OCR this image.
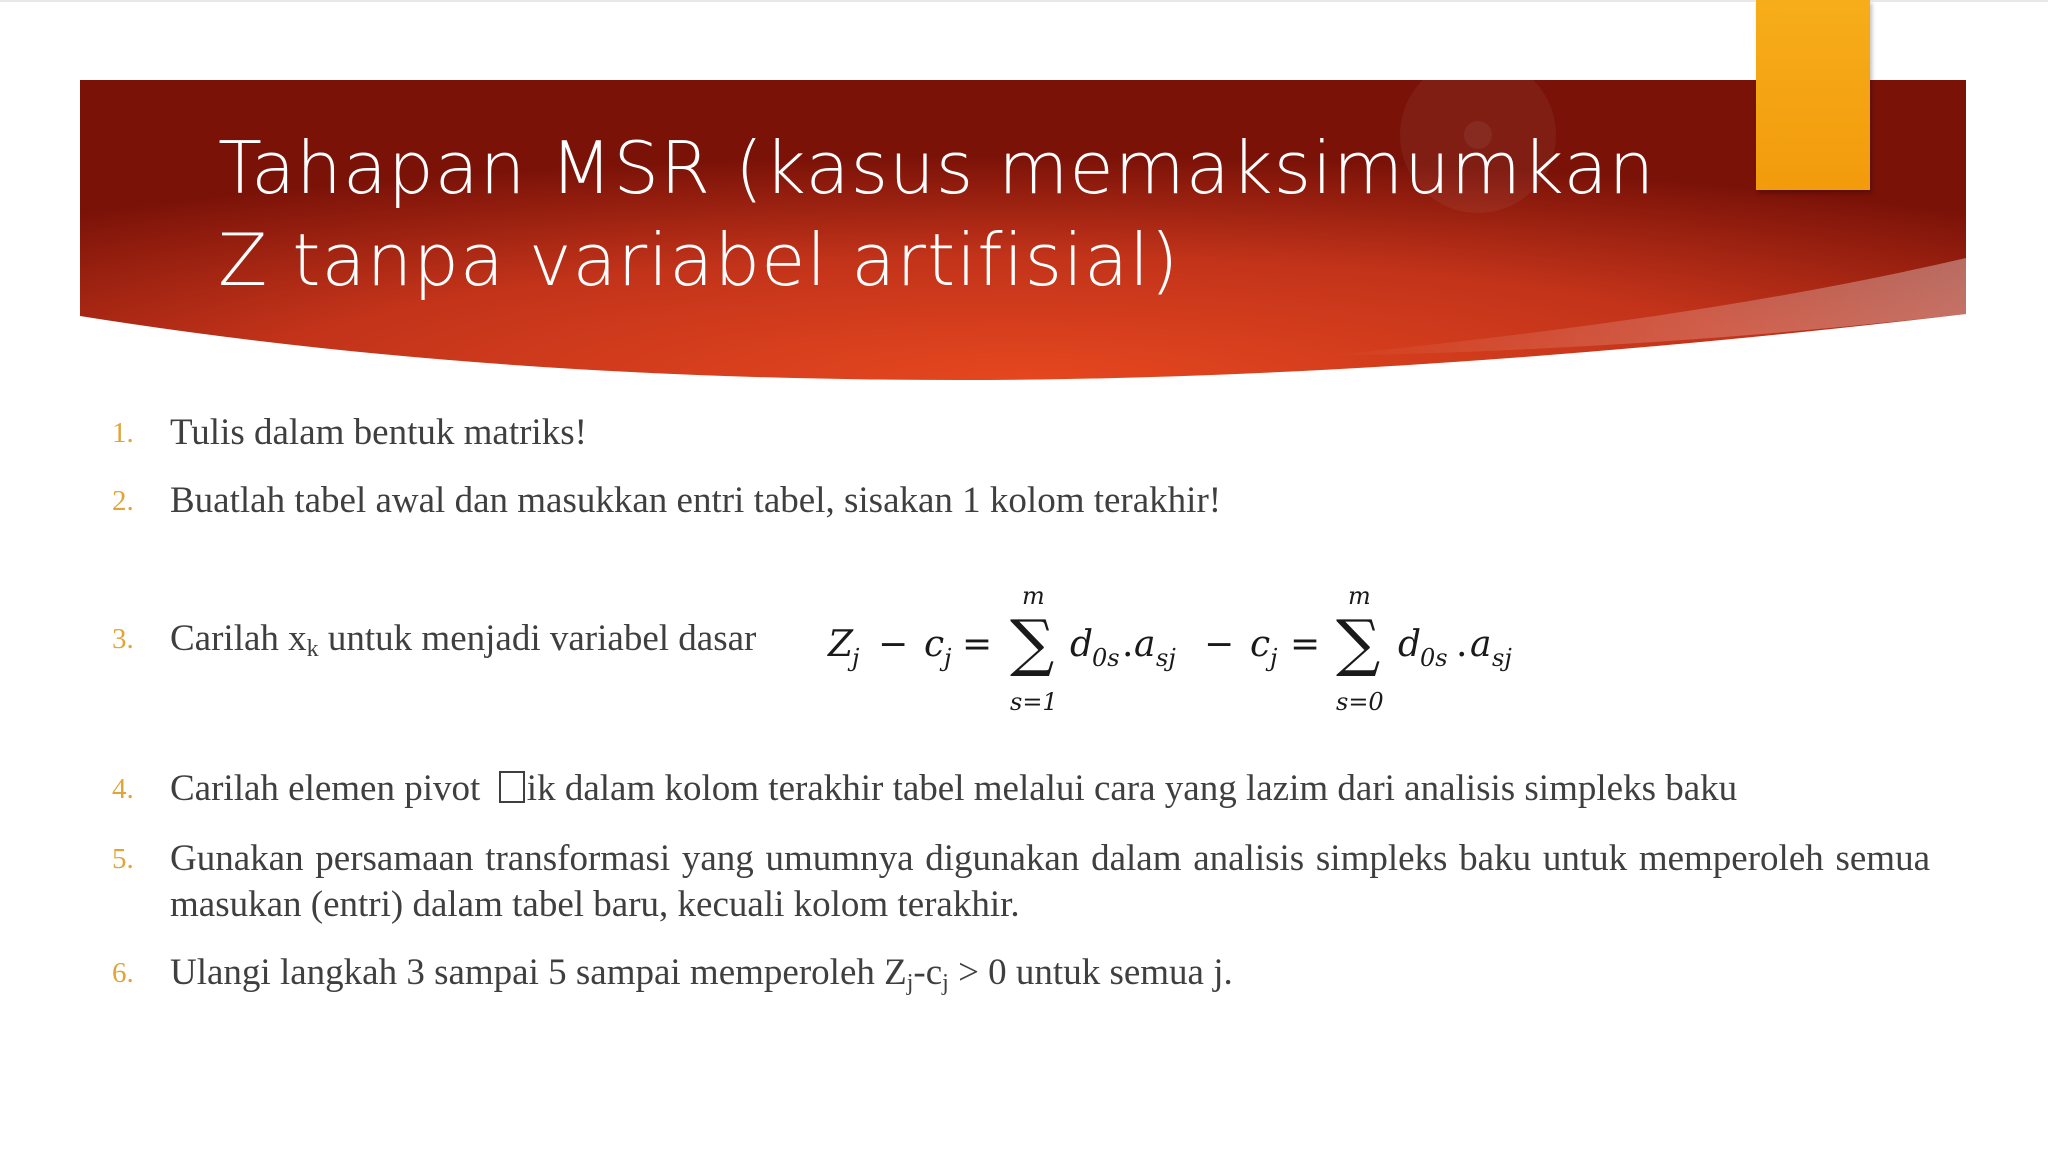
Tahapan MSR (kasus memaksimumkan
Z tanpa variabel artifisial)
1. Tulis dalam bentuk matriks!
2. Buatlah tabel awal dan masukkan entri tabel, sisakan 1 kolom terakhir!
3. Carilah $x_k$ untuk menjadi variabel dasar
4. Carilah elemen pivot  ik dalam kolom terakhir tabel melalui cara yang lazim dari analisis simpleks baku
5. Gunakan persamaan transformasi yang umumnya digunakan dalam analisis simpleks baku untuk memperoleh semua masukan (entri) dalam tabel baru, kecuali kolom terakhir.
6. Ulangi langkah 3 sampai 5 sampai memperoleh $Z_j-c_j > 0$ untuk semua j.
Z
j − c j =
m
∑
s=1
d
0s . a sj − c j =
m
∑
s=0
d
0s . a sj
